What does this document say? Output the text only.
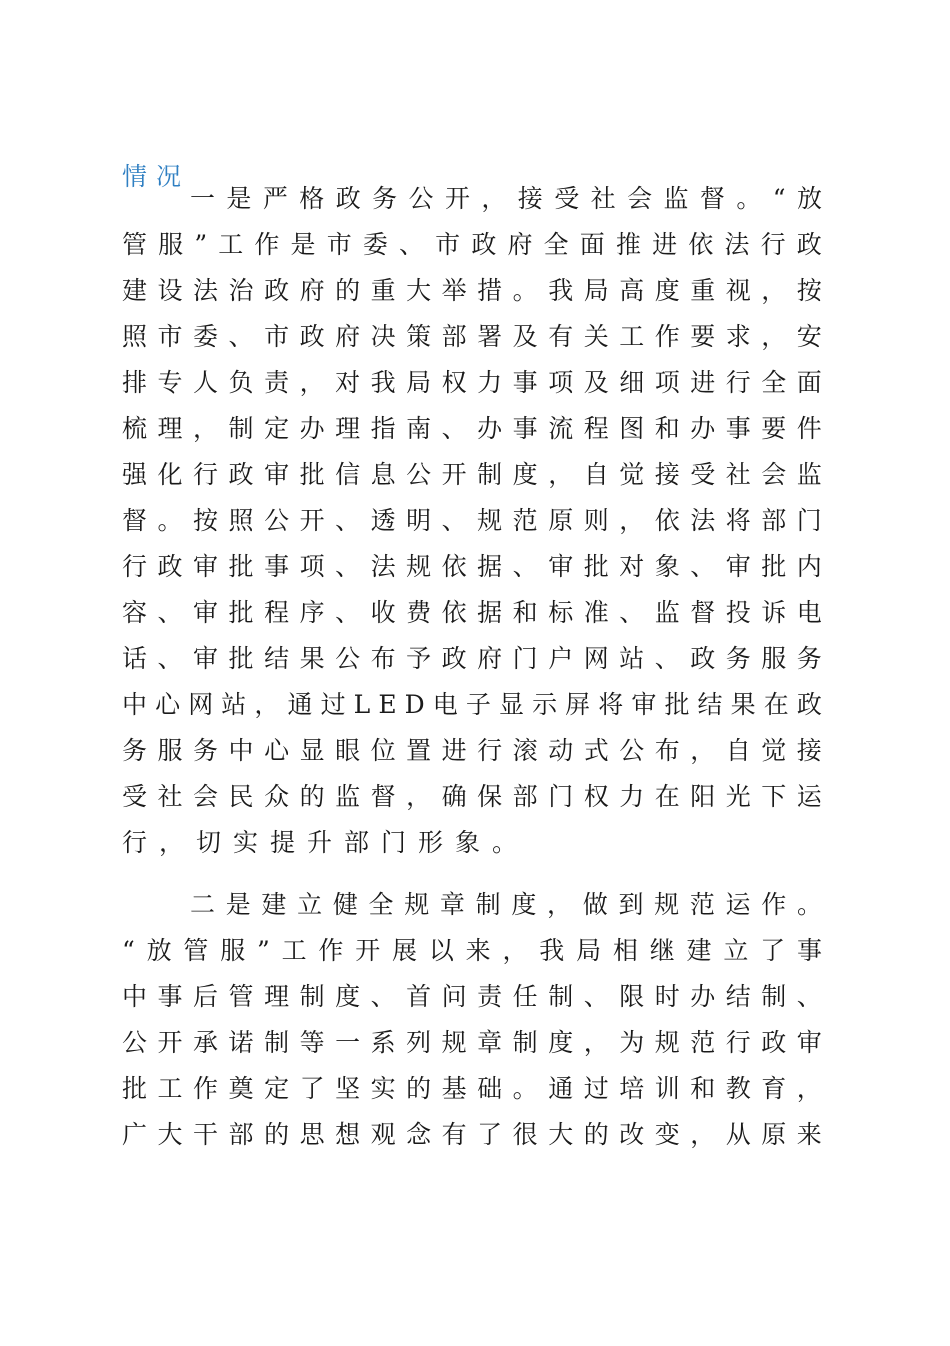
情况
一 是 严 格 政 务 公 开 ， 接 受 社 会 监 督 。 “ 放
管 服 ” 工 作 是 市 委 、 市 政 府 全 面 推 进 依 法 行 政
建 设 法 治 政 府 的 重 大 举 措 。 我 局 高 度 重 视 ， 按
照 市 委 、 市 政 府 决 策 部 署 及 有 关 工 作 要 求 ， 安
排 专 人 负 责 ， 对 我 局 权 力 事 项 及 细 项 进 行 全 面
梳 理 ， 制 定 办 理 指 南 、 办 事 流 程 图 和 办 事 要 件
强 化 行 政 审 批 信 息 公 开 制 度 ， 自 觉 接 受 社 会 监
督 。 按 照 公 开 、 透 明 、 规 范 原 则 ， 依 法 将 部 门
行 政 审 批 事 项 、 法 规 依 据 、 审 批 对 象 、 审 批 内
容 、 审 批 程 序 、 收 费 依 据 和 标 准 、 监 督 投 诉 电
话 、 审 批 结 果 公 布 予 政 府 门 户 网 站 、 政 务 服 务
中 心 网 站 ， 通 过 L E D 电 子 显 示 屏 将 审 批 结 果 在 政
务 服 务 中 心 显 眼 位 置 进 行 滚 动 式 公 布 ， 自 觉 接
受 社 会 民 众 的 监 督 ， 确 保 部 门 权 力 在 阳 光 下 运
行，切实提升部门形象。
二 是 建 立 健 全 规 章 制 度 ， 做 到 规 范 运 作 。
“ 放 管 服 ” 工 作 开 展 以 来 ， 我 局 相 继 建 立 了 事
中 事 后 管 理 制 度 、 首 问 责 任 制 、 限 时 办 结 制 、
公 开 承 诺 制 等 一 系 列 规 章 制 度 ， 为 规 范 行 政 审
批 工 作 奠 定 了 坚 实 的 基 础 。 通 过 培 训 和 教 育 ，
广 大 干 部 的 思 想 观 念 有 了 很 大 的 改 变 ， 从 原 来
